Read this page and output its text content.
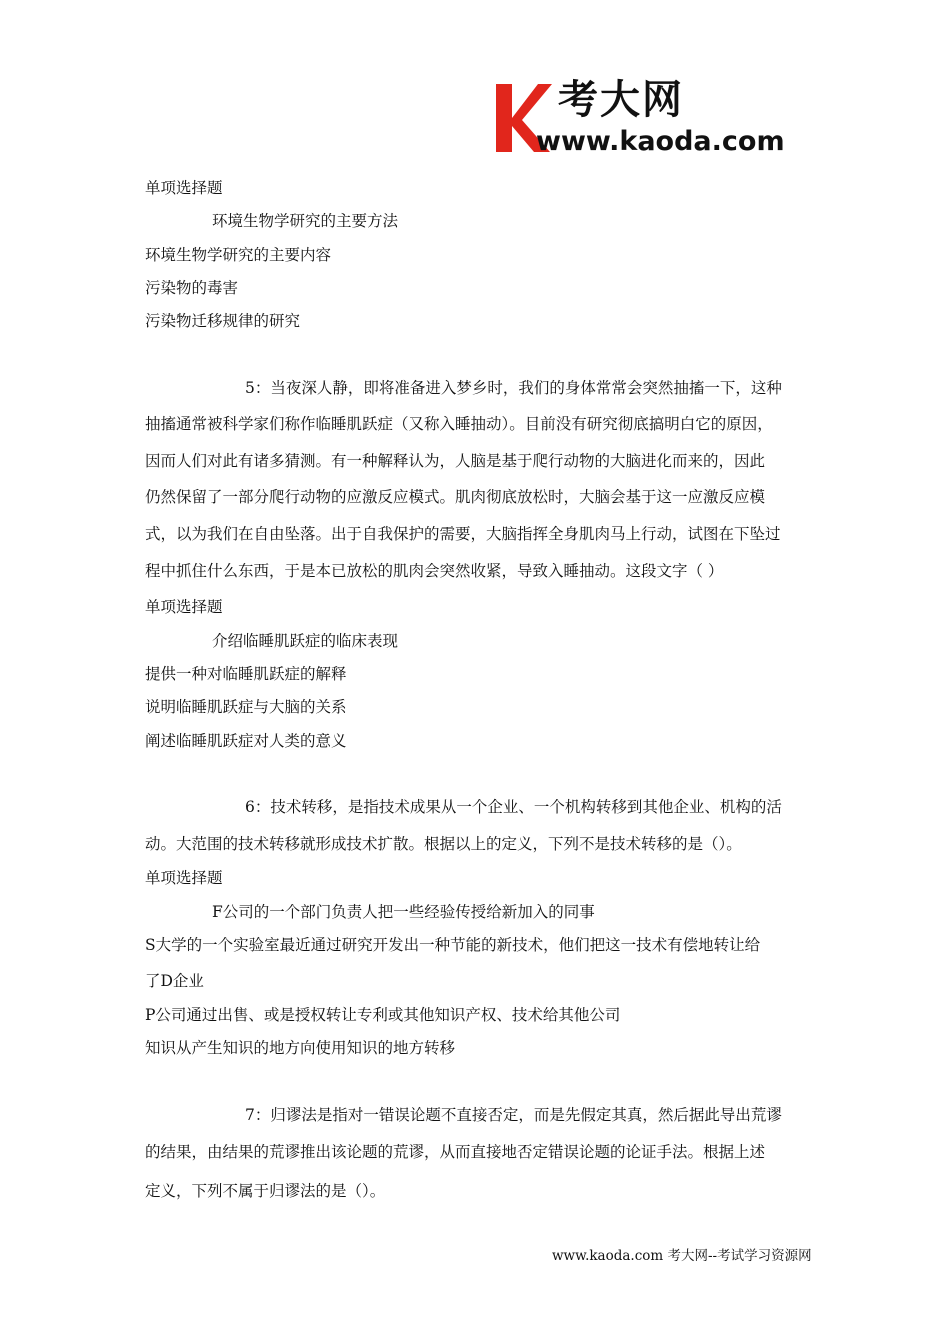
考大网
www.kaoda.com
单项选择题
环境生物学研究的主要方法
环境生物学研究的主要内容
污染物的毒害
污染物迁移规律的研究
5：当夜深人静，即将准备进入梦乡时，我们的身体常常会突然抽搐一下，这种
抽搐通常被科学家们称作临睡肌跃症（又称入睡抽动）。目前没有研究彻底搞明白它的原因，
因而人们对此有诸多猜测。有一种解释认为，人脑是基于爬行动物的大脑进化而来的，因此
仍然保留了一部分爬行动物的应激反应模式。肌肉彻底放松时，大脑会基于这一应激反应模
式，以为我们在自由坠落。出于自我保护的需要，大脑指挥全身肌肉马上行动，试图在下坠过
程中抓住什么东西，于是本已放松的肌肉会突然收紧，导致入睡抽动。这段文字（ ）
单项选择题
介绍临睡肌跃症的临床表现
提供一种对临睡肌跃症的解释
说明临睡肌跃症与大脑的关系
阐述临睡肌跃症对人类的意义
6：技术转移，是指技术成果从一个企业、一个机构转移到其他企业、机构的活
动。大范围的技术转移就形成技术扩散。根据以上的定义，下列不是技术转移的是（）。
单项选择题
F公司的一个部门负责人把一些经验传授给新加入的同事
S大学的一个实验室最近通过研究开发出一种节能的新技术，他们把这一技术有偿地转让给
了D企业
P公司通过出售、或是授权转让专利或其他知识产权、技术给其他公司
知识从产生知识的地方向使用知识的地方转移
7：归谬法是指对一错误论题不直接否定，而是先假定其真，然后据此导出荒谬
的结果，由结果的荒谬推出该论题的荒谬，从而直接地否定错误论题的论证手法。根据上述
定义，下列不属于归谬法的是（）。
www.kaoda.com 考大网--考试学习资源网
